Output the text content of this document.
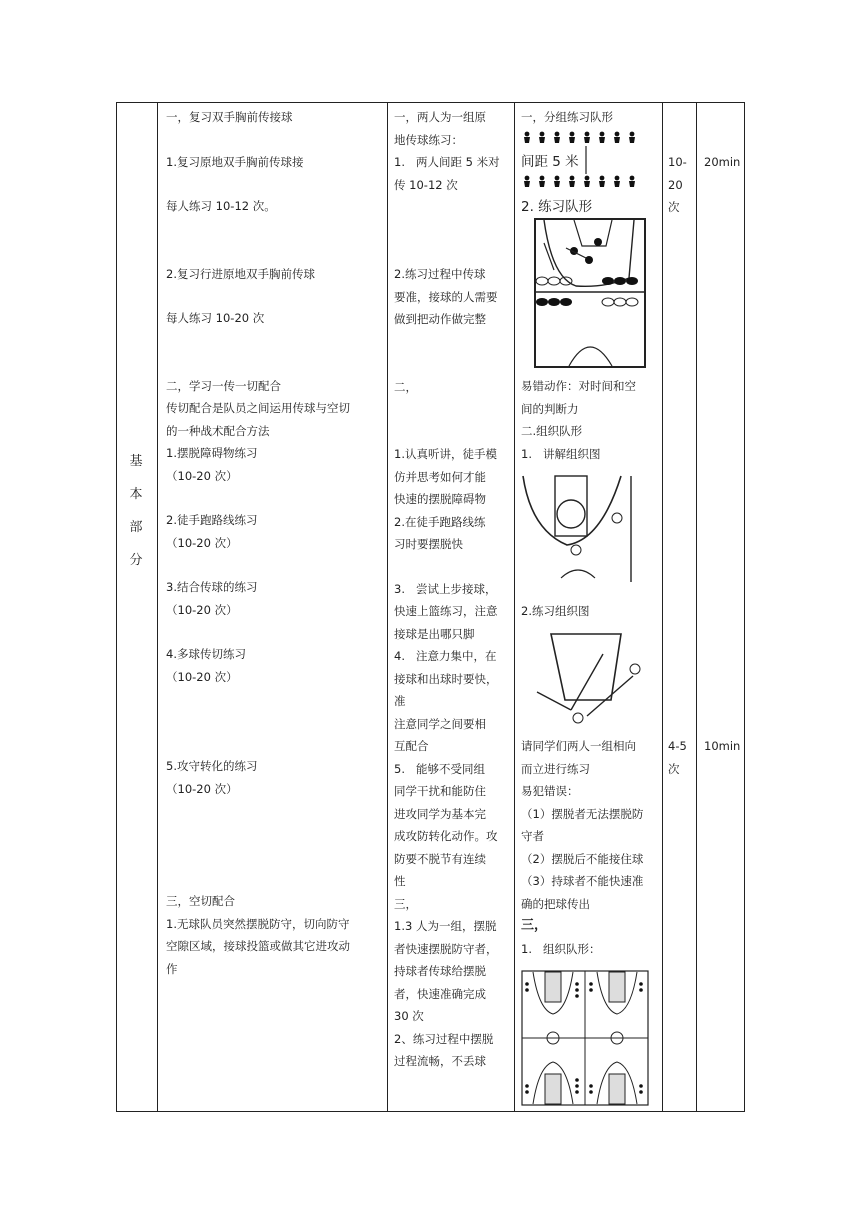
基
本
部
分

一，复习双手胸前传接球

1.复习原地双手胸前传球接

每人练习 10-12 次。

2.复习行进原地双手胸前传球

每人练习 10-20 次

二，学习一传一切配合

传切配合是队员之间运用传球与空切

的一种战术配合方法

1.摆脱障碍物练习

（10-20 次）

2.徒手跑路线练习

（10-20 次）

3.结合传球的练习

（10-20 次）

4.多球传切练习

（10-20 次）

5.攻守转化的练习

（10-20 次）

三，空切配合

1.无球队员突然摆脱防守，切向防守

空隙区域，接球投篮或做其它进攻动

作

一，两人为一组原

地传球练习：

1.   两人间距 5 米对

传 10-12 次

2.练习过程中传球

要准，接球的人需要

做到把动作做完整

二，

1.认真听讲，徒手模

仿并思考如何才能

快速的摆脱障碍物

2.在徒手跑路线练

习时要摆脱快

3.   尝试上步接球，

快速上篮练习，注意

接球是出哪只脚

4.   注意力集中，在

接球和出球时要快，

准

注意同学之间要相

互配合

5.   能够不受同组

同学干扰和能防住

进攻同学为基本完

成攻防转化动作。攻

防要不脱节有连续

性

三，

1.3 人为一组，摆脱

者快速摆脱防守者，

持球者传球给摆脱

者，快速准确完成

30 次

2、练习过程中摆脱

过程流畅，不丢球

一，分组练习队形

间距 5 米
2. 练习队形

易错动作：对时间和空

间的判断力

二.组织队形

1.   讲解组织图

2.练习组织图

请同学们两人一组相向

而立进行练习

易犯错误：

（1）摆脱者无法摆脱防

守者

（2）摆脱后不能接住球

（3）持球者不能快速准

确的把球传出

三，

1.   组织队形：

10-

20

次

4-5

次

20min
10min
